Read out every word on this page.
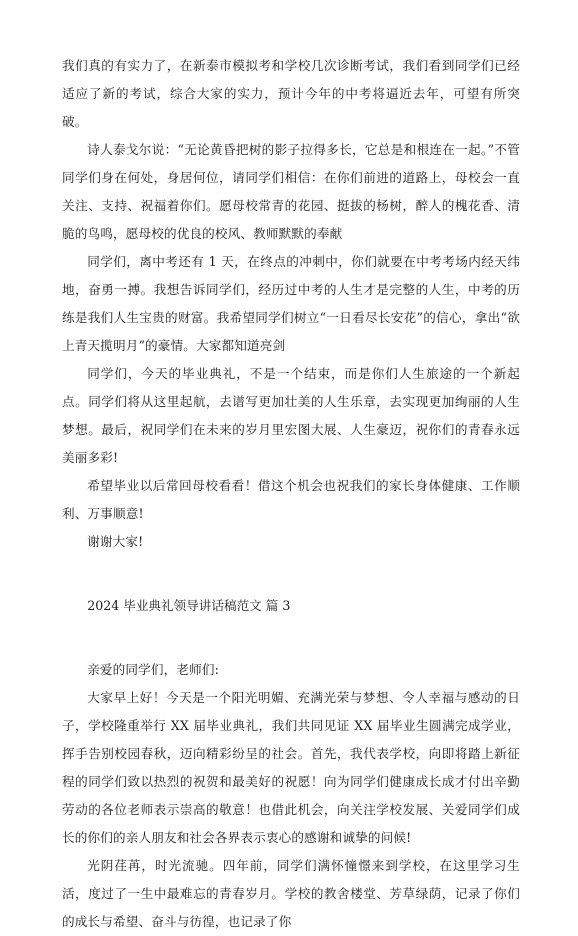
我们真的有实力了，在新泰市模拟考和学校几次诊断考试，我们看到同学们已经适应了新的考试，综合大家的实力，预计今年的中考将逼近去年，可望有所突破。

诗人泰戈尔说：“无论黄昏把树的影子拉得多长，它总是和根连在一起。”不管同学们身在何处，身居何位，请同学们相信：在你们前进的道路上，母校会一直关注、支持、祝福着你们。愿母校常青的花园、挺拔的杨树，醉人的槐花香、清脆的鸟鸣，愿母校的优良的校风、教师默默的奉献

同学们，离中考还有 1 天，在终点的冲刺中，你们就要在中考考场内经天纬地，奋勇一搏。我想告诉同学们，经历过中考的人生才是完整的人生，中考的历练是我们人生宝贵的财富。我希望同学们树立“一日看尽长安花”的信心，拿出“欲上青天揽明月”的豪情。大家都知道亮剑

同学们，今天的毕业典礼，不是一个结束，而是你们人生旅途的一个新起点。同学们将从这里起航，去谱写更加壮美的人生乐章，去实现更加绚丽的人生梦想。最后，祝同学们在未来的岁月里宏图大展、人生豪迈，祝你们的青春永远美丽多彩!

希望毕业以后常回母校看看！借这个机会也祝我们的家长身体健康、工作顺利、万事顺意!

谢谢大家!

2024 毕业典礼领导讲话稿范文 篇 3

亲爱的同学们，老师们:

大家早上好！今天是一个阳光明媚、充满光荣与梦想、令人幸福与感动的日子，学校隆重举行 XX 届毕业典礼，我们共同见证 XX 届毕业生圆满完成学业，挥手告别校园春秋，迈向精彩纷呈的社会。首先，我代表学校，向即将踏上新征程的同学们致以热烈的祝贺和最美好的祝愿！向为同学们健康成长成才付出辛勤劳动的各位老师表示崇高的敬意！也借此机会，向关注学校发展、关爱同学们成长的你们的亲人朋友和社会各界表示衷心的感谢和诚挚的问候!

光阴荏苒，时光流驰。四年前，同学们满怀憧憬来到学校，在这里学习生活，度过了一生中最难忘的青春岁月。学校的教舍楼堂、芳草绿荫，记录了你们的成长与希望、奋斗与彷徨，也记录了你
